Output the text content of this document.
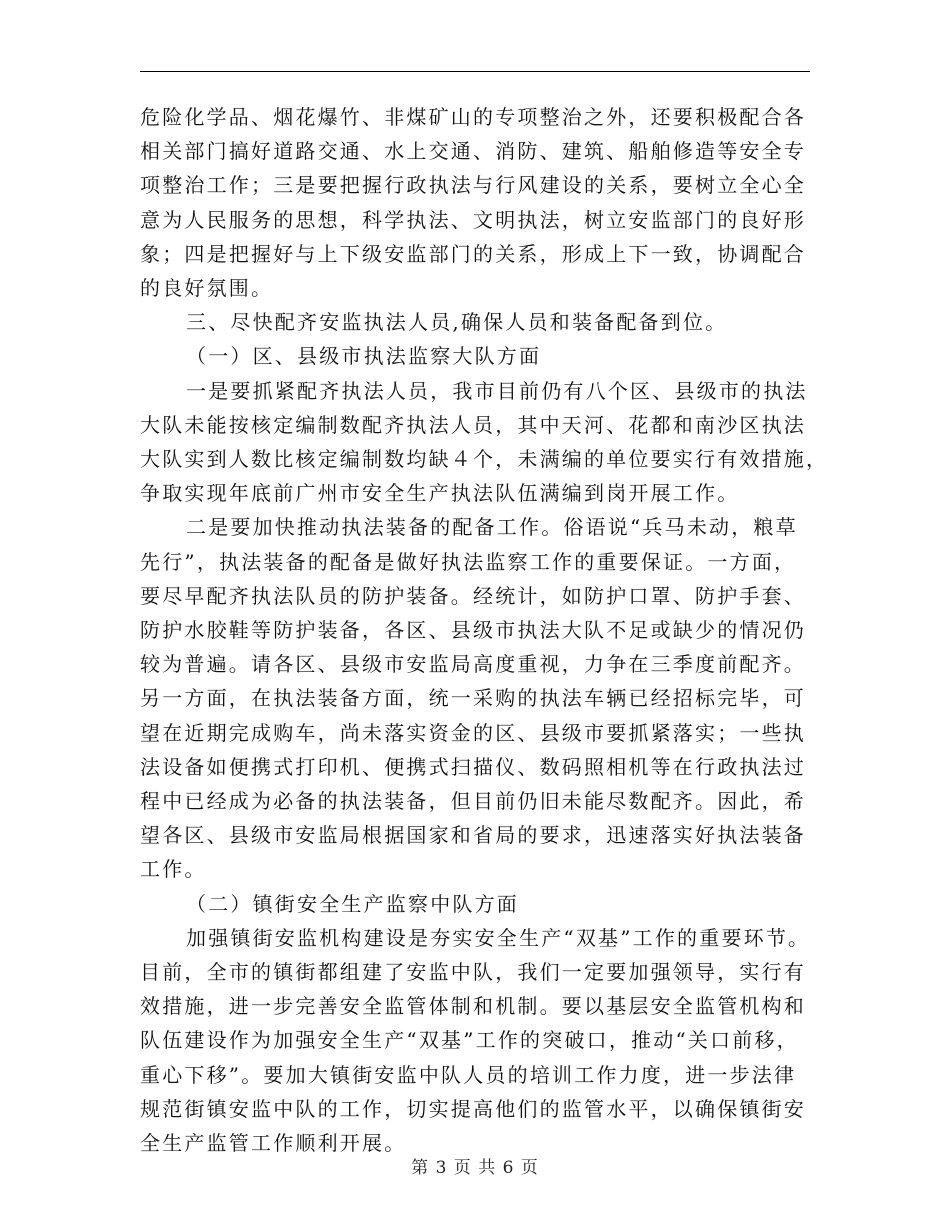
危险化学品、烟花爆竹、非煤矿山的专项整治之外，还要积极配合各

相关部门搞好道路交通、水上交通、消防、建筑、船舶修造等安全专

项整治工作；三是要把握行政执法与行风建设的关系，要树立全心全

意为人民服务的思想，科学执法、文明执法，树立安监部门的良好形

象；四是把握好与上下级安监部门的关系，形成上下一致，协调配合

的良好氛围。

三、尽快配齐安监执法人员,确保人员和装备配备到位。

（一）区、县级市执法监察大队方面

一是要抓紧配齐执法人员，我市目前仍有八个区、县级市的执法

大队未能按核定编制数配齐执法人员，其中天河、花都和南沙区执法

大队实到人数比核定编制数均缺４个，未满编的单位要实行有效措施，

争取实现年底前广州市安全生产执法队伍满编到岗开展工作。

二是要加快推动执法装备的配备工作。俗语说“兵马未动，粮草

先行”，执法装备的配备是做好执法监察工作的重要保证。一方面，

要尽早配齐执法队员的防护装备。经统计，如防护口罩、防护手套、

防护水胶鞋等防护装备，各区、县级市执法大队不足或缺少的情况仍

较为普遍。请各区、县级市安监局高度重视，力争在三季度前配齐。

另一方面，在执法装备方面，统一采购的执法车辆已经招标完毕，可

望在近期完成购车，尚未落实资金的区、县级市要抓紧落实；一些执

法设备如便携式打印机、便携式扫描仪、数码照相机等在行政执法过

程中已经成为必备的执法装备，但目前仍旧未能尽数配齐。因此，希

望各区、县级市安监局根据国家和省局的要求，迅速落实好执法装备

工作。

（二）镇街安全生产监察中队方面

加强镇街安监机构建设是夯实安全生产“双基”工作的重要环节。

目前，全市的镇街都组建了安监中队，我们一定要加强领导，实行有

效措施，进一步完善安全监管体制和机制。要以基层安全监管机构和

队伍建设作为加强安全生产“双基”工作的突破口，推动“关口前移，

重心下移”。要加大镇街安监中队人员的培训工作力度，进一步法律

规范街镇安监中队的工作，切实提高他们的监管水平，以确保镇街安

全生产监管工作顺利开展。

第 3 页 共 6 页
